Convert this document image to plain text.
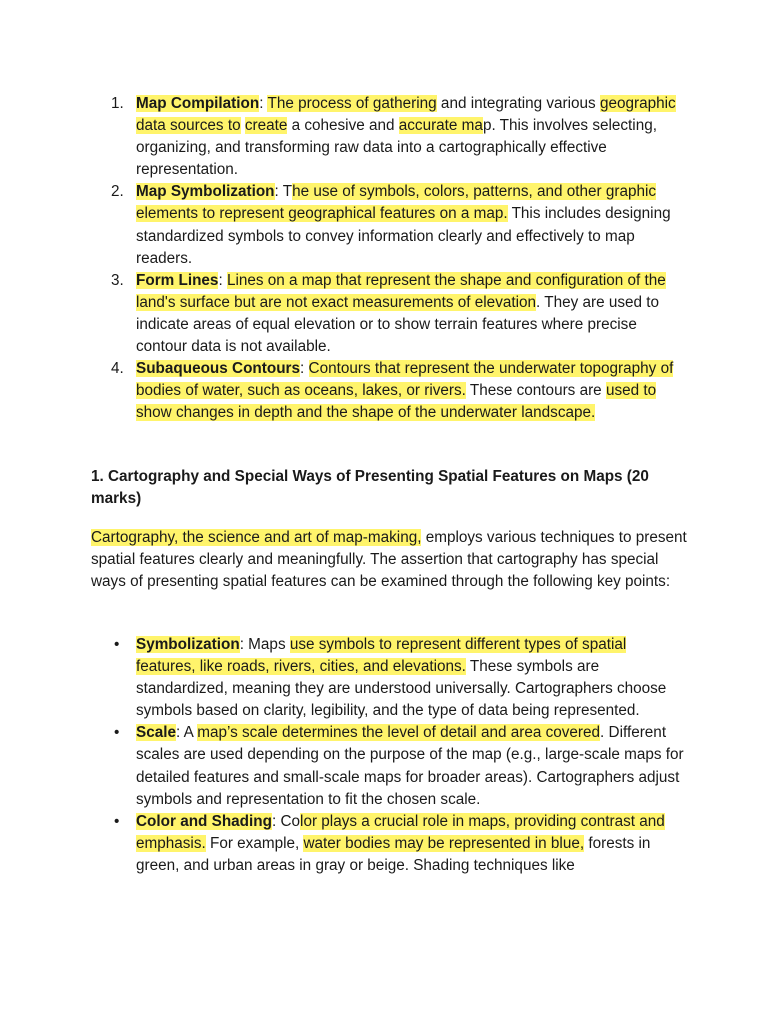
1. Map Compilation: The process of gathering and integrating various geographic data sources to create a cohesive and accurate map. This involves selecting, organizing, and transforming raw data into a cartographically effective representation.
2. Map Symbolization: The use of symbols, colors, patterns, and other graphic elements to represent geographical features on a map. This includes designing standardized symbols to convey information clearly and effectively to map readers.
3. Form Lines: Lines on a map that represent the shape and configuration of the land's surface but are not exact measurements of elevation. They are used to indicate areas of equal elevation or to show terrain features where precise contour data is not available.
4. Subaqueous Contours: Contours that represent the underwater topography of bodies of water, such as oceans, lakes, or rivers. These contours are used to show changes in depth and the shape of the underwater landscape.
1. Cartography and Special Ways of Presenting Spatial Features on Maps (20 marks)

Cartography, the science and art of map-making, employs various techniques to present spatial features clearly and meaningfully. The assertion that cartography has special ways of presenting spatial features can be examined through the following key points:

• Symbolization: Maps use symbols to represent different types of spatial features, like roads, rivers, cities, and elevations. These symbols are standardized, meaning they are understood universally. Cartographers choose symbols based on clarity, legibility, and the type of data being represented.
• Scale: A map’s scale determines the level of detail and area covered. Different scales are used depending on the purpose of the map (e.g., large-scale maps for detailed features and small-scale maps for broader areas). Cartographers adjust symbols and representation to fit the chosen scale.
• Color and Shading: Color plays a crucial role in maps, providing contrast and emphasis. For example, water bodies may be represented in blue, forests in green, and urban areas in gray or beige. Shading techniques like
